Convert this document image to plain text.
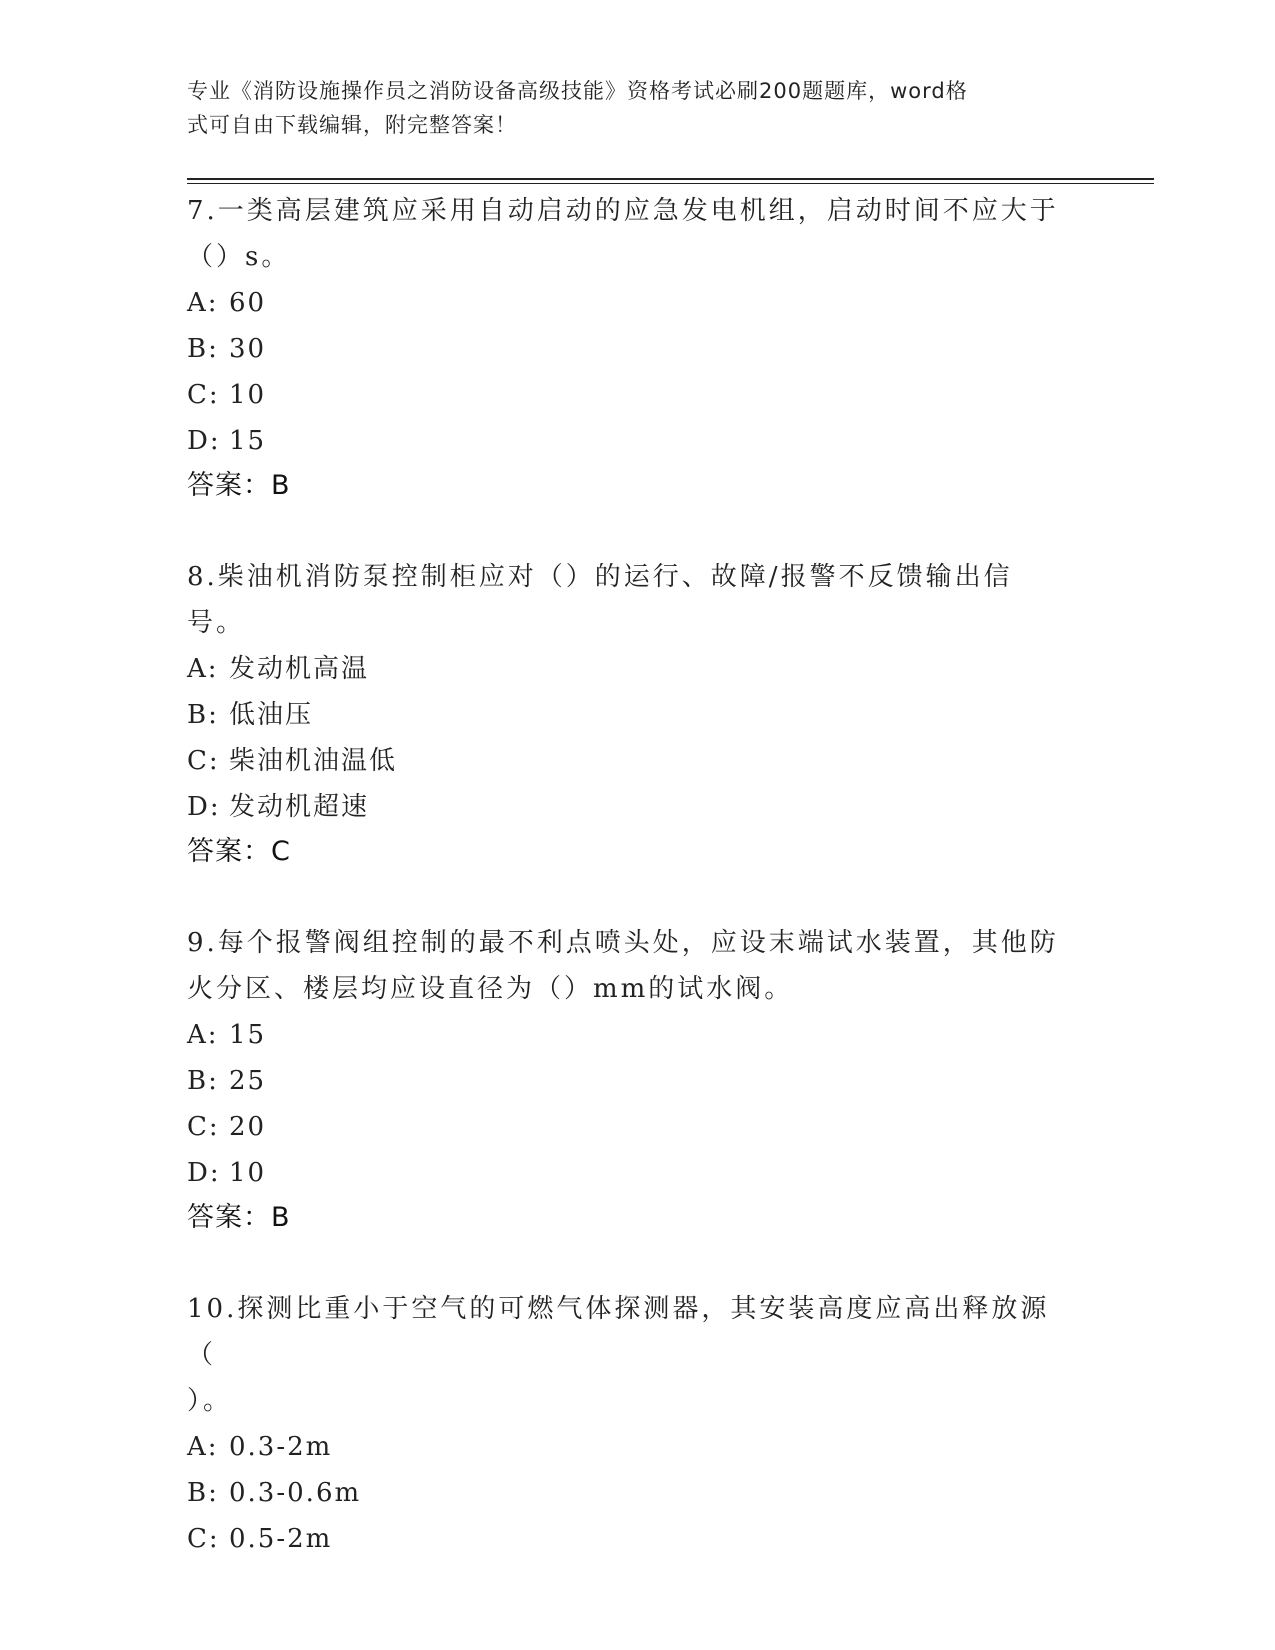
专业《消防设施操作员之消防设备高级技能》资格考试必刷200题题库，word格
式可自由下载编辑，附完整答案！
7.一类高层建筑应采用自动启动的应急发电机组，启动时间不应大于
（）s。
A: 60
B: 30
C: 10
D: 15
答案：B
8.柴油机消防泵控制柜应对（）的运行、故障/报警不反馈输出信号。
A: 发动机高温
B: 低油压
C: 柴油机油温低
D: 发动机超速
答案：C
9.每个报警阀组控制的最不利点喷头处，应设末端试水装置，其他防
火分区、楼层均应设直径为（）mm的试水阀。
A: 15
B: 25
C: 20
D: 10
答案：B
10.探测比重小于空气的可燃气体探测器，其安装高度应高出释放源（
）。
A: 0.3-2m
B: 0.3-0.6m
C: 0.5-2m
